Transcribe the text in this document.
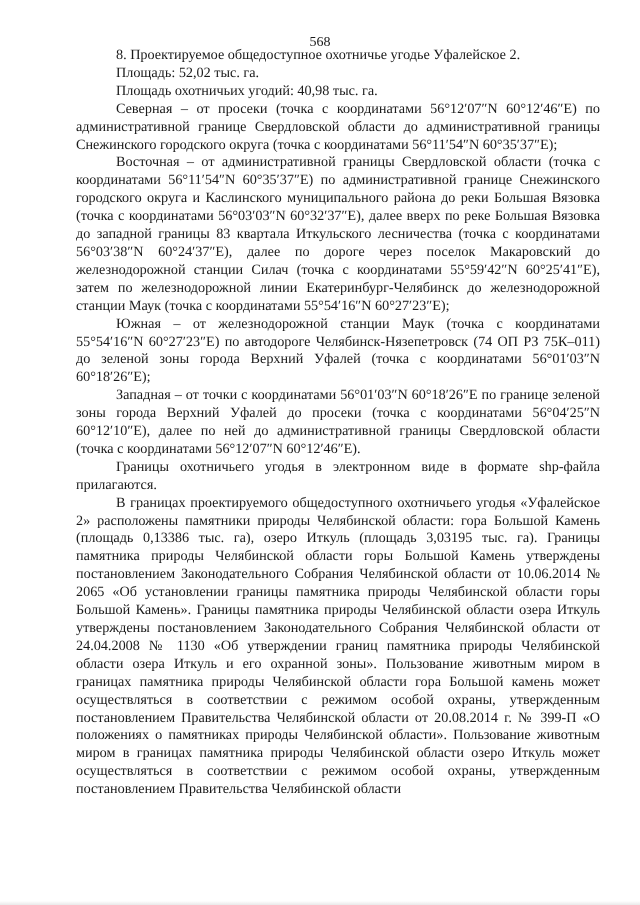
568

8. Проектируемое общедоступное охотничье угодье Уфалейское 2.

Площадь: 52,02 тыс. га.

Площадь охотничьих угодий: 40,98 тыс. га.

Северная – от просеки (точка с координатами 56°12′07″N 60°12′46″E) по административной границе Свердловской области до административной границы Снежинского городского округа (точка с координатами 56°11′54″N 60°35′37″E);

Восточная – от административной границы Свердловской области (точка с координатами 56°11′54″N 60°35′37″E) по административной границе Снежинского городского округа и Каслинского муниципального района до реки Большая Вязовка (точка с координатами 56°03′03″N 60°32′37″E), далее вверх по реке Большая Вязовка до западной границы 83 квартала Иткульского лесничества (точка с координатами 56°03′38″N 60°24′37″E), далее по дороге через поселок Макаровский до железнодорожной станции Силач (точка с координатами 55°59′42″N 60°25′41″E), затем по железнодорожной линии Екатеринбург-Челябинск до железнодорожной станции Маук (точка с координатами 55°54′16″N 60°27′23″E);

Южная – от железнодорожной станции Маук (точка с координатами 55°54′16″N 60°27′23″E) по автодороге Челябинск-Нязепетровск (74 ОП РЗ 75К–011) до зеленой зоны города Верхний Уфалей (точка с координатами 56°01′03″N 60°18′26″E);

Западная – от точки с координатами 56°01′03″N 60°18′26″E по границе зеленой зоны города Верхний Уфалей до просеки (точка с координатами 56°04′25″N 60°12′10″E), далее по ней до административной границы Свердловской области (точка с координатами 56°12′07″N 60°12′46″E).

Границы охотничьего угодья в электронном виде в формате shp-файла прилагаются.

В границах проектируемого общедоступного охотничьего угодья «Уфалейское 2» расположены памятники природы Челябинской области: гора Большой Камень (площадь 0,13386 тыс. га), озеро Иткуль (площадь 3,03195 тыс. га). Границы памятника природы Челябинской области горы Большой Камень утверждены постановлением Законодательного Собрания Челябинской области от 10.06.2014 № 2065 «Об установлении границы памятника природы Челябинской области горы Большой Камень». Границы памятника природы Челябинской области озера Иткуль утверждены постановлением Законодательного Собрания Челябинской области от 24.04.2008 № 1130 «Об утверждении границ памятника природы Челябинской области озера Иткуль и его охранной зоны». Пользование животным миром в границах памятника природы Челябинской области гора Большой камень может осуществляться в соответствии с режимом особой охраны, утвержденным постановлением Правительства Челябинской области от 20.08.2014 г. № 399-П «О положениях о памятниках природы Челябинской области». Пользование животным миром в границах памятника природы Челябинской области озеро Иткуль может осуществляться в соответствии с режимом особой охраны, утвержденным постановлением Правительства Челябинской области
